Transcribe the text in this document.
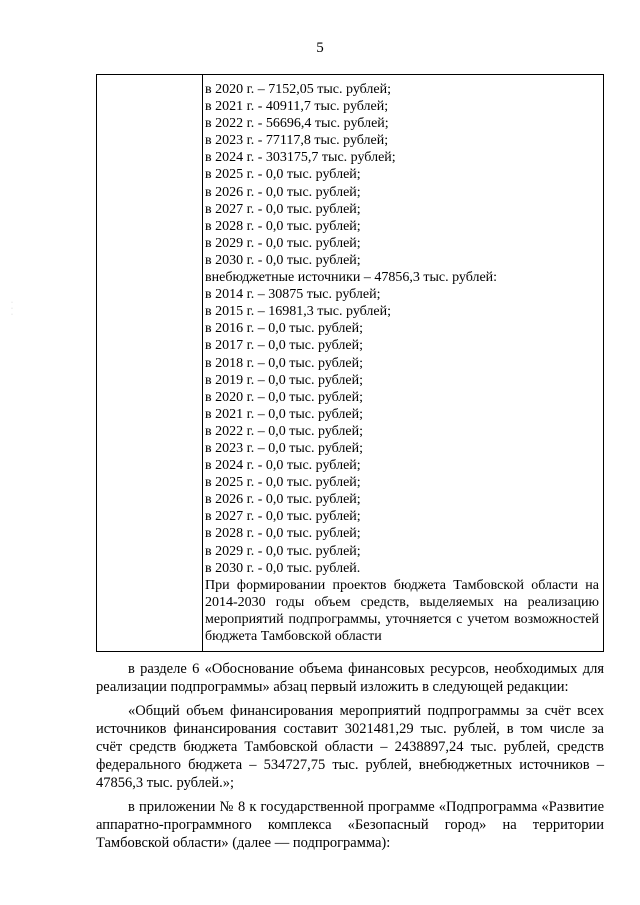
5
· · ·
в 2020 г. – 7152,05 тыс. рублей;
в 2021 г. - 40911,7 тыс. рублей;
в 2022 г. - 56696,4 тыс. рублей;
в 2023 г. - 77117,8 тыс. рублей;
в 2024 г. - 303175,7 тыс. рублей;
в 2025 г. - 0,0 тыс. рублей;
в 2026 г. - 0,0 тыс. рублей;
в 2027 г. - 0,0 тыс. рублей;
в 2028 г. - 0,0 тыс. рублей;
в 2029 г. - 0,0 тыс. рублей;
в 2030 г. - 0,0 тыс. рублей;
внебюджетные источники – 47856,3 тыс. рублей:
в 2014 г. – 30875 тыс. рублей;
в 2015 г. – 16981,3 тыс. рублей;
в 2016 г. – 0,0 тыс. рублей;
в 2017 г. – 0,0 тыс. рублей;
в 2018 г. – 0,0 тыс. рублей;
в 2019 г. – 0,0 тыс. рублей;
в 2020 г. – 0,0 тыс. рублей;
в 2021 г. – 0,0 тыс. рублей;
в 2022 г. – 0,0 тыс. рублей;
в 2023 г. – 0,0 тыс. рублей;
в 2024 г. - 0,0 тыс. рублей;
в 2025 г. - 0,0 тыс. рублей;
в 2026 г. - 0,0 тыс. рублей;
в 2027 г. - 0,0 тыс. рублей;
в 2028 г. - 0,0 тыс. рублей;
в 2029 г. - 0,0 тыс. рублей;
в 2030 г. - 0,0 тыс. рублей.
При формировании проектов бюджета Тамбовской области на 2014-2030 годы объем средств, выделяемых на реализацию мероприятий подпрограммы, уточняется с учетом возможностей бюджета Тамбовской области

в разделе 6 «Обоснование объема финансовых ресурсов, необходимых для реализации подпрограммы» абзац первый изложить в следующей редакции:

«Общий объем финансирования мероприятий подпрограммы за счёт всех источников финансирования составит 3021481,29 тыс. рублей, в том числе за счёт средств бюджета Тамбовской области – 2438897,24 тыс. рублей, средств федерального бюджета – 534727,75 тыс. рублей, внебюджетных источников – 47856,3 тыс. рублей.»;

в приложении № 8 к государственной программе «Подпрограмма «Развитие аппаратно-программного комплекса «Безопасный город» на территории Тамбовской области» (далее — подпрограмма):
